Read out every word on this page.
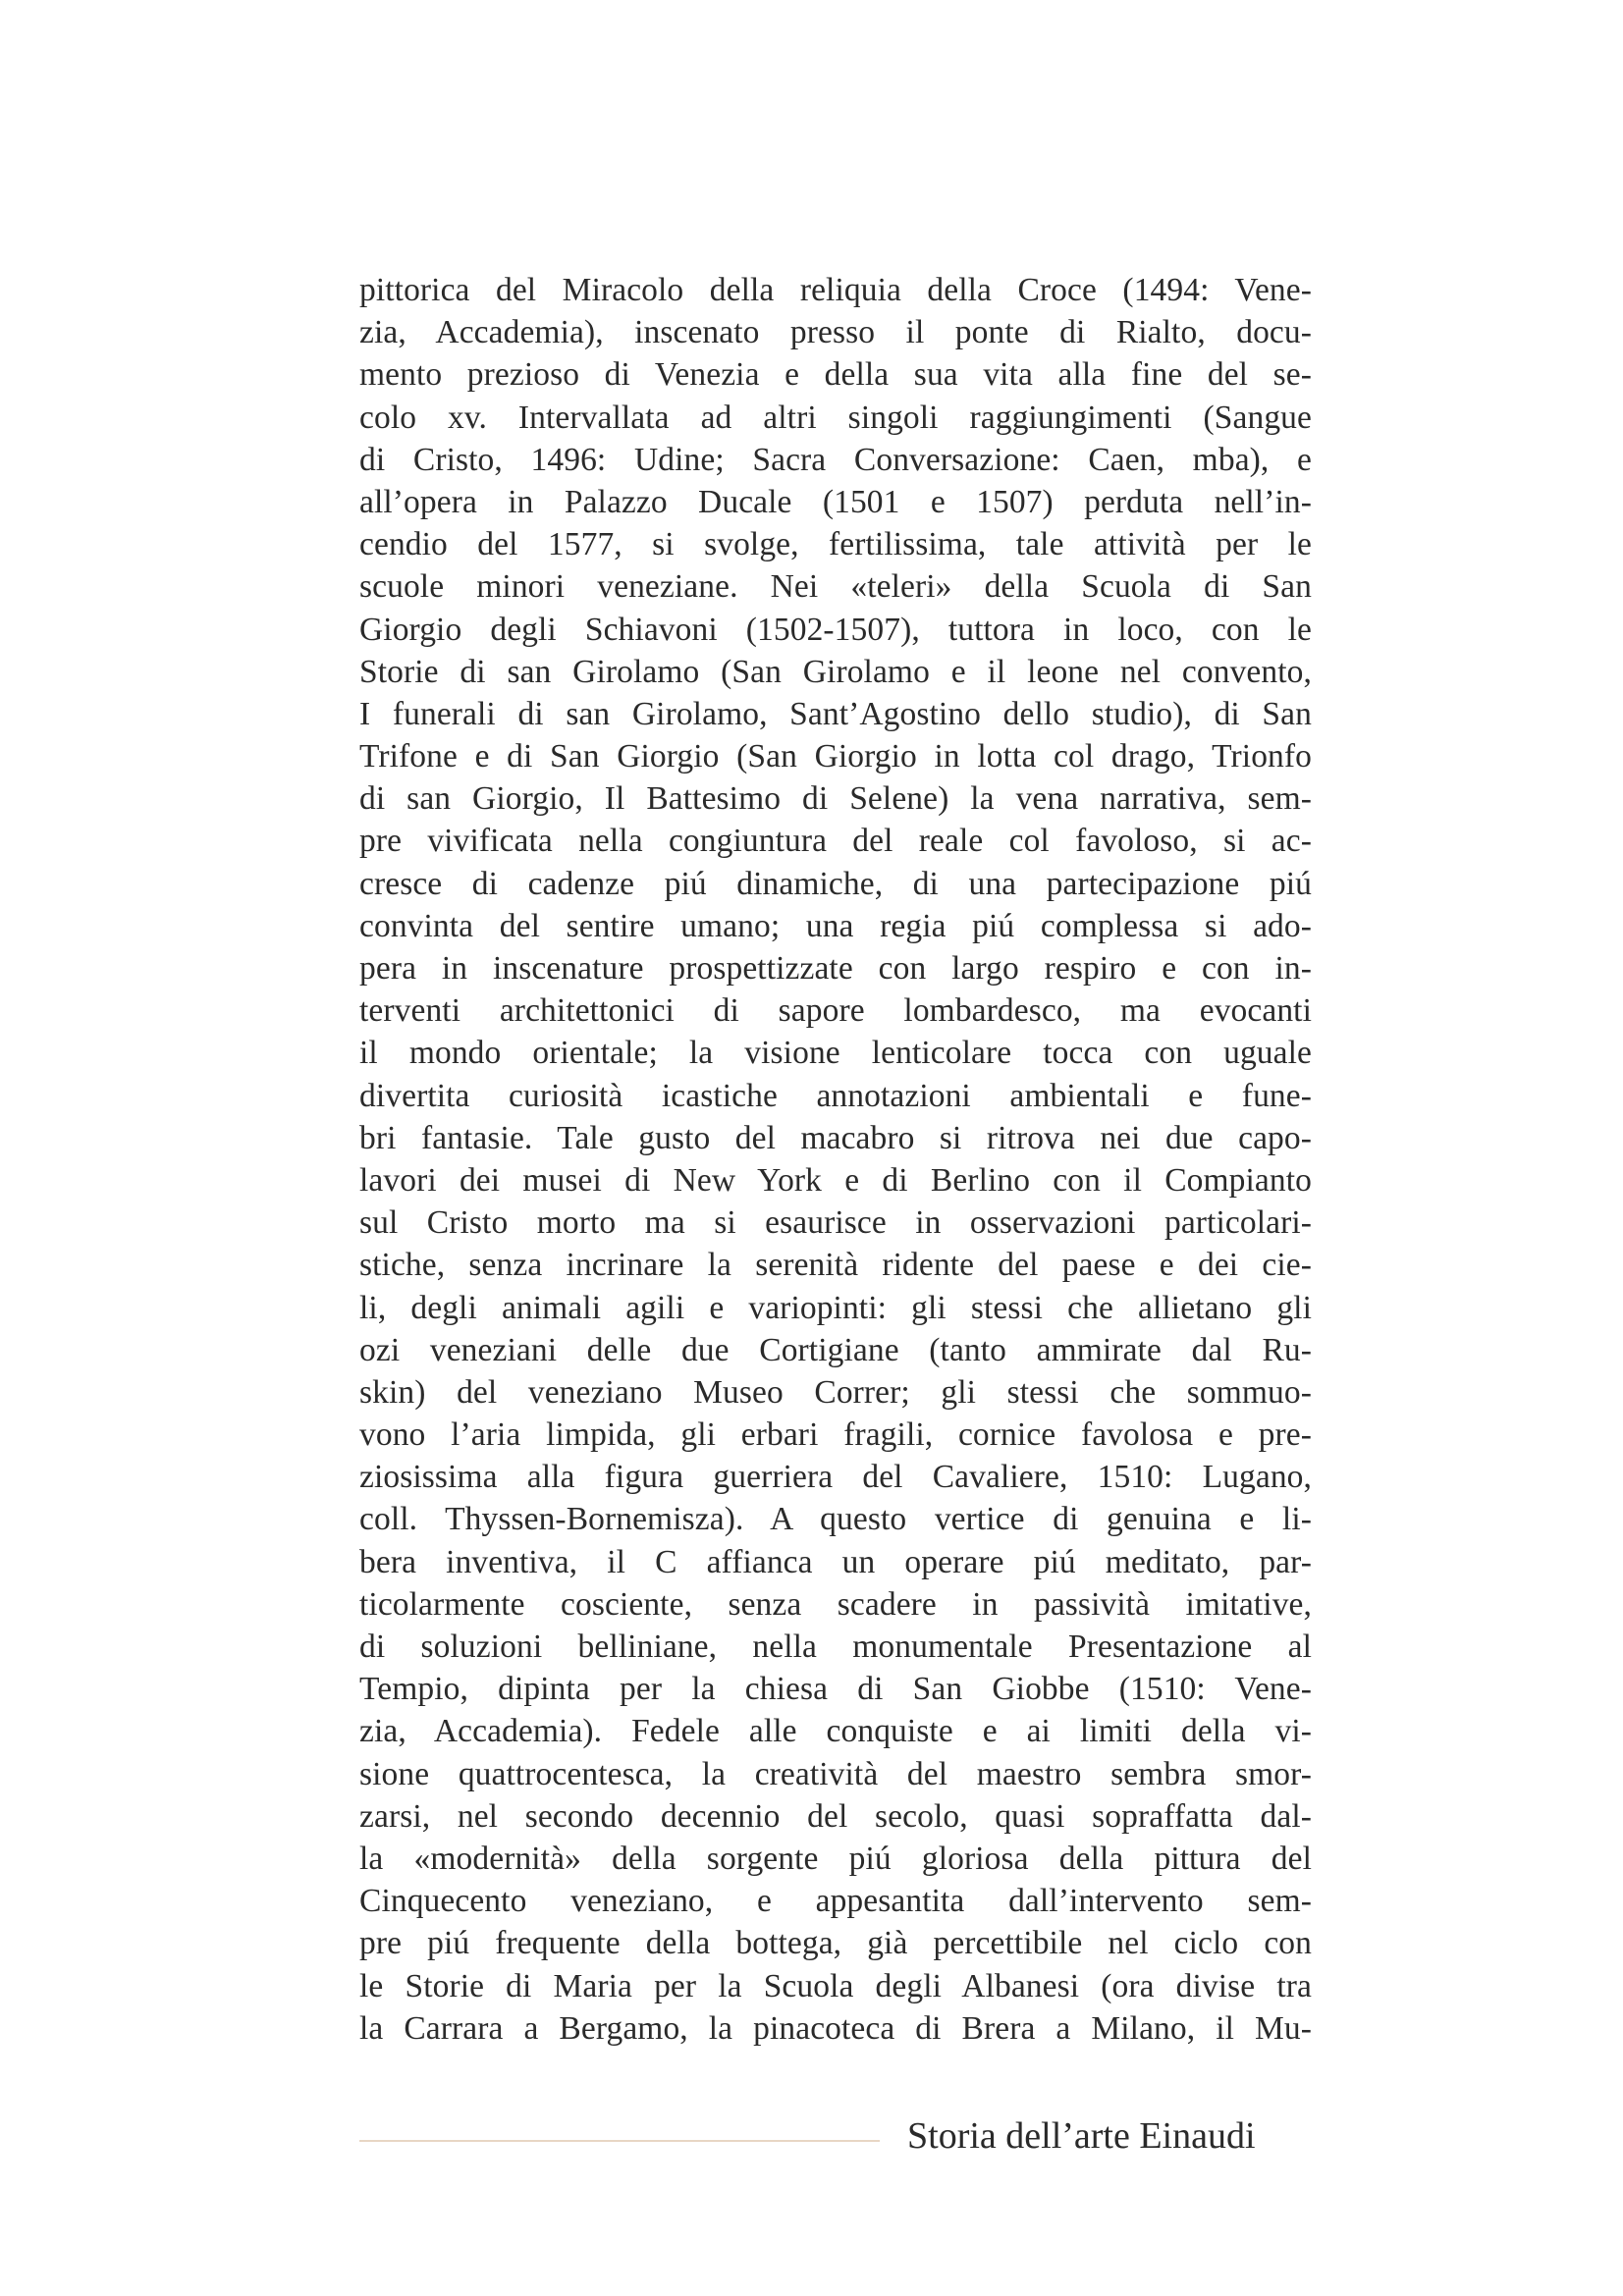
pittorica del Miracolo della reliquia della Croce (1494: Vene-
zia, Accademia), inscenato presso il ponte di Rialto, docu-
mento prezioso di Venezia e della sua vita alla fine del se-
colo xv. Intervallata ad altri singoli raggiungimenti (Sangue
di Cristo, 1496: Udine; Sacra Conversazione: Caen, mba), e
all’opera in Palazzo Ducale (1501 e 1507) perduta nell’in-
cendio del 1577, si svolge, fertilissima, tale attività per le
scuole minori veneziane. Nei «teleri» della Scuola di San
Giorgio degli Schiavoni (1502-1507), tuttora in loco, con le
Storie di san Girolamo (San Girolamo e il leone nel convento,
I funerali di san Girolamo, Sant’Agostino dello studio), di San
Trifone e di San Giorgio (San Giorgio in lotta col drago, Trionfo
di san Giorgio, Il Battesimo di Selene) la vena narrativa, sem-
pre vivificata nella congiuntura del reale col favoloso, si ac-
cresce di cadenze piú dinamiche, di una partecipazione piú
convinta del sentire umano; una regia piú complessa si ado-
pera in inscenature prospettizzate con largo respiro e con in-
terventi architettonici di sapore lombardesco, ma evocanti
il mondo orientale; la visione lenticolare tocca con uguale
divertita curiosità icastiche annotazioni ambientali e fune-
bri fantasie. Tale gusto del macabro si ritrova nei due capo-
lavori dei musei di New York e di Berlino con il Compianto
sul Cristo morto ma si esaurisce in osservazioni particolari-
stiche, senza incrinare la serenità ridente del paese e dei cie-
li, degli animali agili e variopinti: gli stessi che allietano gli
ozi veneziani delle due Cortigiane (tanto ammirate dal Ru-
skin) del veneziano Museo Correr; gli stessi che sommuo-
vono l’aria limpida, gli erbari fragili, cornice favolosa e pre-
ziosissima alla figura guerriera del Cavaliere, 1510: Lugano,
coll. Thyssen-Bornemisza). A questo vertice di genuina e li-
bera inventiva, il C affianca un operare piú meditato, par-
ticolarmente cosciente, senza scadere in passività imitative,
di soluzioni belliniane, nella monumentale Presentazione al
Tempio, dipinta per la chiesa di San Giobbe (1510: Vene-
zia, Accademia). Fedele alle conquiste e ai limiti della vi-
sione quattrocentesca, la creatività del maestro sembra smor-
zarsi, nel secondo decennio del secolo, quasi sopraffatta dal-
la «modernità» della sorgente piú gloriosa della pittura del
Cinquecento veneziano, e appesantita dall’intervento sem-
pre piú frequente della bottega, già percettibile nel ciclo con
le Storie di Maria per la Scuola degli Albanesi (ora divise tra
la Carrara a Bergamo, la pinacoteca di Brera a Milano, il Mu-
Storia dell’arte Einaudi
